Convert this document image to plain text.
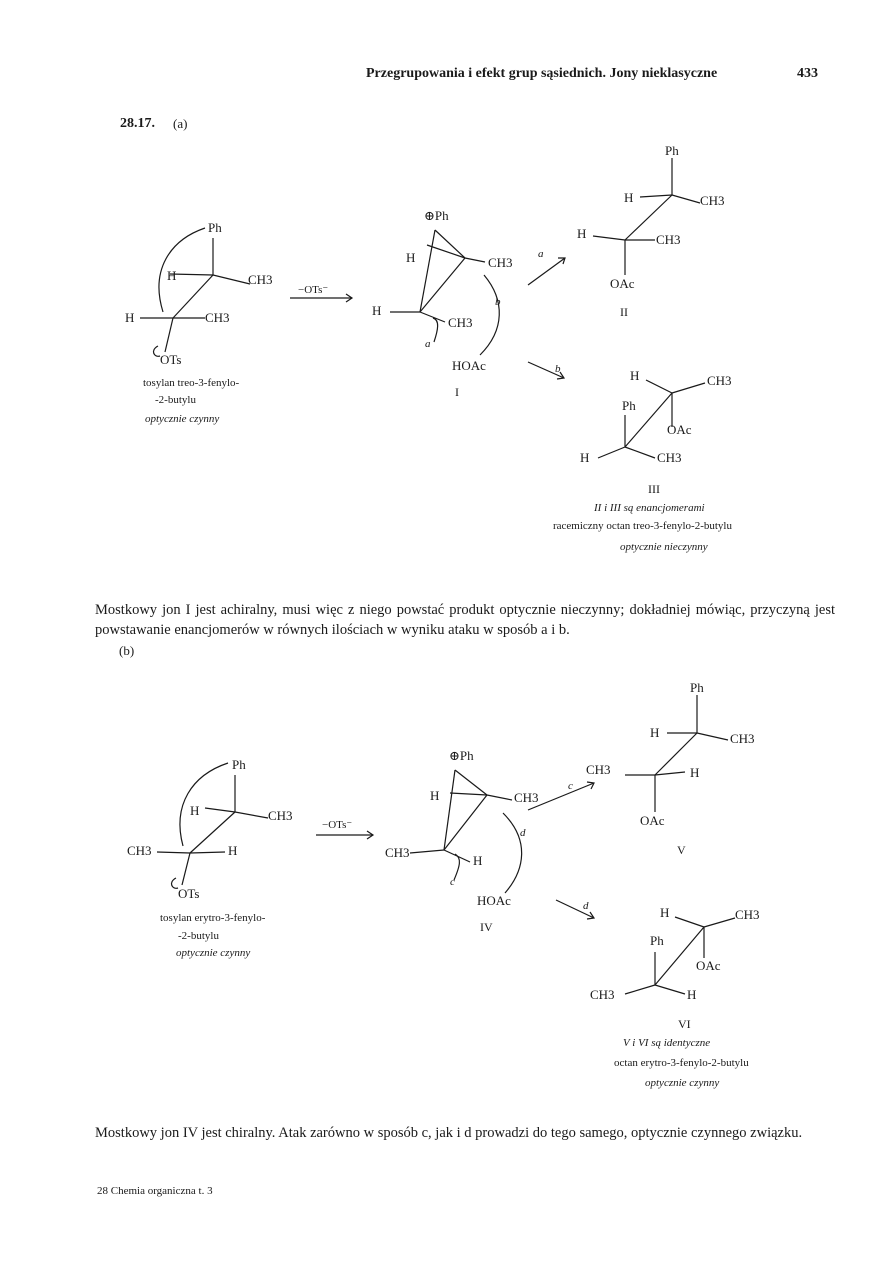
Przegrupowania i efekt grup sąsiednich. Jony nieklasyczne	433
28.17. (a)
Ph
H	CH3
H	CH3
OTs
tosylan treo-3-fenylo-
-2-butylu
optycznie czynny
−OTs⁻
⊕Ph
H	CH3
H
CH3
HOAc
I
a
b
a
b
Ph
H	CH3
H	CH3
OAc
II
H	CH3
Ph
OAc
H	CH3
III
II i III są enancjomerami
racemiczny octan treo-3-fenylo-2-butylu
optycznie nieczynny
Mostkowy jon I jest achiralny, musi więc z niego powstać produkt optycznie nieczynny; dokładniej mówiąc, przyczyną jest powstawanie enancjomerów w równych ilościach w wyniku ataku w sposób a i b.
(b)
Ph
H	CH3
CH3	H
OTs
tosylan erytro-3-fenylo-
-2-butylu
optycznie czynny
−OTs⁻
⊕Ph
H	CH3
CH3
H
HOAc
IV
c
d
c
d
Ph
H	CH3
CH3	H
OAc
V
H	CH3
Ph
OAc
CH3	H
VI
V i VI są identyczne
octan erytro-3-fenylo-2-butylu
optycznie czynny
Mostkowy jon IV jest chiralny. Atak zarówno w sposób c, jak i d prowadzi do tego samego, optycznie czynnego związku.
28 Chemia organiczna t. 3
